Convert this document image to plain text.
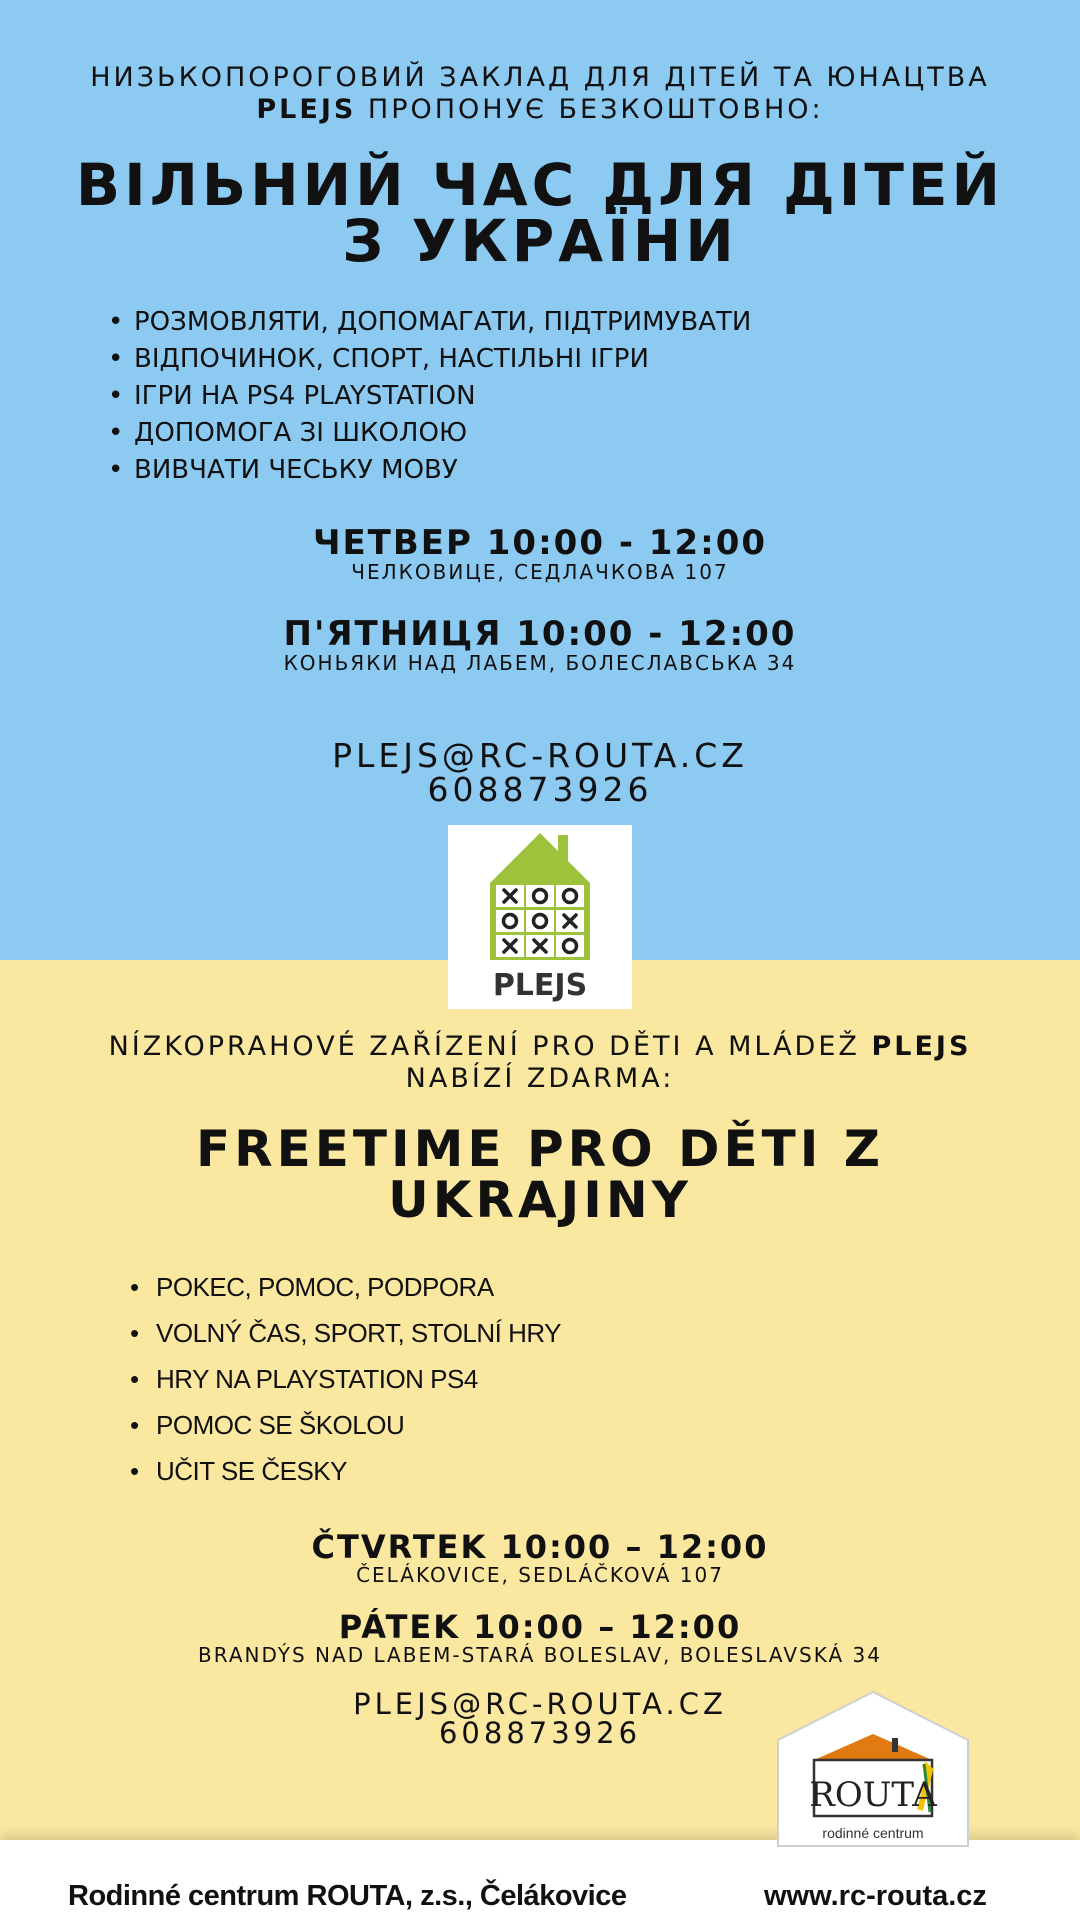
НИЗЬКОПОРОГОВИЙ ЗАКЛАД ДЛЯ ДІТЕЙ ТА ЮНАЦТВА
PLEJS ПРОПОНУЄ БЕЗКОШТОВНО:
ВІЛЬНИЙ ЧАС ДЛЯ ДІТЕЙ
З УКРАЇНИ
• РОЗМОВЛЯТИ, ДОПОМАГАТИ, ПІДТРИМУВАТИ
• ВІДПОЧИНОК, СПОРТ, НАСТІЛЬНІ ІГРИ
• ІГРИ НА PS4 PLAYSTATION
• ДОПОМОГА ЗІ ШКОЛОЮ
• ВИВЧАТИ ЧЕСЬКУ МОВУ
ЧЕТВЕР 10:00 - 12:00
ЧЕЛКОВИЦЕ, СЕДЛАЧКОВА 107
П'ЯТНИЦЯ 10:00 - 12:00
КОНЬЯКИ НАД ЛАБЕМ, БОЛЕСЛАВСЬКА 34
PLEJS@RC-ROUTA.CZ
608873926
PLEJS
NÍZKOPRAHOVÉ ZAŘÍZENÍ PRO DĚTI A MLÁDEŽ PLEJS
NABÍZÍ ZDARMA:
FREETIME PRO DĚTI Z
UKRAJINY
• POKEC, POMOC, PODPORA
• VOLNÝ ČAS, SPORT, STOLNÍ HRY
• HRY NA PLAYSTATION PS4
• POMOC SE ŠKOLOU
• UČIT SE ČESKY
ČTVRTEK 10:00 – 12:00
ČELÁKOVICE, SEDLÁČKOVÁ 107
PÁTEK 10:00 – 12:00
BRANDÝS NAD LABEM-STARÁ BOLESLAV, BOLESLAVSKÁ 34
PLEJS@RC-ROUTA.CZ
608873926
ROUTA
rodinné centrum
Rodinné centrum ROUTA, z.s., Čelákovice	www.rc-routa.cz
